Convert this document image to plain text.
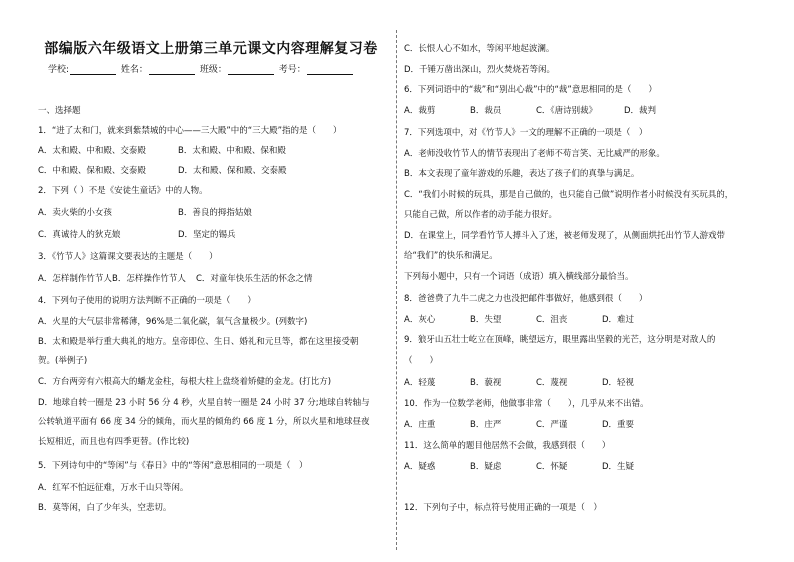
部编版六年级语文上册第三单元课文内容理解复习卷
学校:	姓名：	班级：	考号：
一、选择题
1．“进了太和门，就来到紫禁城的中心——三大殿”中的“三大殿”指的是（　　）
A．太和殿、中和殿、交泰殿	B．太和殿、中和殿、保和殿
C．中和殿、保和殿、交泰殿	D．太和殿、保和殿、交泰殿
2．下列（ ）不是《安徒生童话》中的人物。
A．卖火柴的小女孩	B．善良的拇指姑娘
C．真诚待人的狄克娘	D．坚定的锡兵
3．《竹节人》这篇课文要表达的主题是（　　）
A．怎样制作竹节人B．怎样操作竹节人 C．对童年快乐生活的怀念之情
4．下列句子使用的说明方法判断不正确的一项是（　　）
A．火星的大气层非常稀薄，96%是二氧化碳，氧气含量极少。(列数字)
B．太和殿是举行重大典礼的地方。皇帝即位、生日、婚礼和元旦等，都在这里接受朝
贺。(举例子)
C．方台两旁有六根高大的蟠龙金柱，每根大柱上盘绕着矫健的金龙。(打比方)
D．地球自转一圈是 23 小时 56 分 4 秒，火星自转一圈是 24 小时 37 分;地球自转轴与
公转轨道平面有 66 度 34 分的倾角，而火星的倾角约 66 度 1 分，所以火星和地球昼夜
长短相近，而且也有四季更替。(作比较)
5．下列诗句中的“等闲”与《春日》中的“等闲”意思相同的一项是（　）
A．红军不怕远征难，万水千山只等闲。
B．莫等闲，白了少年头，空悲切。
C．长恨人心不如水，等闲平地起波澜。
D．千锤万凿出深山，烈火焚烧若等闲。
6．下列词语中的“裁”和“别出心裁”中的“裁”意思相同的是（　　）
A．裁剪	B．裁员	C．《唐诗别裁》	D．裁判
7．下列选项中，对《竹节人》一文的理解不正确的一项是（　）
A．老师没收竹节人的情节表现出了老师不苟言笑、无比威严的形象。
B．本文表现了童年游戏的乐趣，表达了孩子们的真挚与满足。
C．“我们小时候的玩具，那是自己做的，也只能自己做”说明作者小时候没有买玩具的，
只能自己做，所以作者的动手能力很好。
D．在课堂上，同学看竹节人搏斗入了迷，被老师发现了，从侧面烘托出竹节人游戏带
给“我们”的快乐和满足。
下列每小题中，只有一个词语（成语）填入横线部分最恰当。
8．爸爸费了九牛二虎之力也没把邮件事做好，他感到很（　　）
A．灰心	B．失望	C．沮丧	D．难过
9．狼牙山五壮士屹立在顶峰，眺望远方，眼里露出坚毅的光芒，这分明是对敌人的
（　　）
A．轻蔑	B．藐视	C．蔑视	D．轻视
10．作为一位数学老师，他做事非常（　　），几乎从来不出错。
A．庄重	B．庄严	C．严谨	D．重要
11．这么简单的题目他居然不会做，我感到很（　　）
A．疑惑	B．疑虑	C．怀疑	D．生疑
12．下列句子中，标点符号使用正确的一项是（　）
